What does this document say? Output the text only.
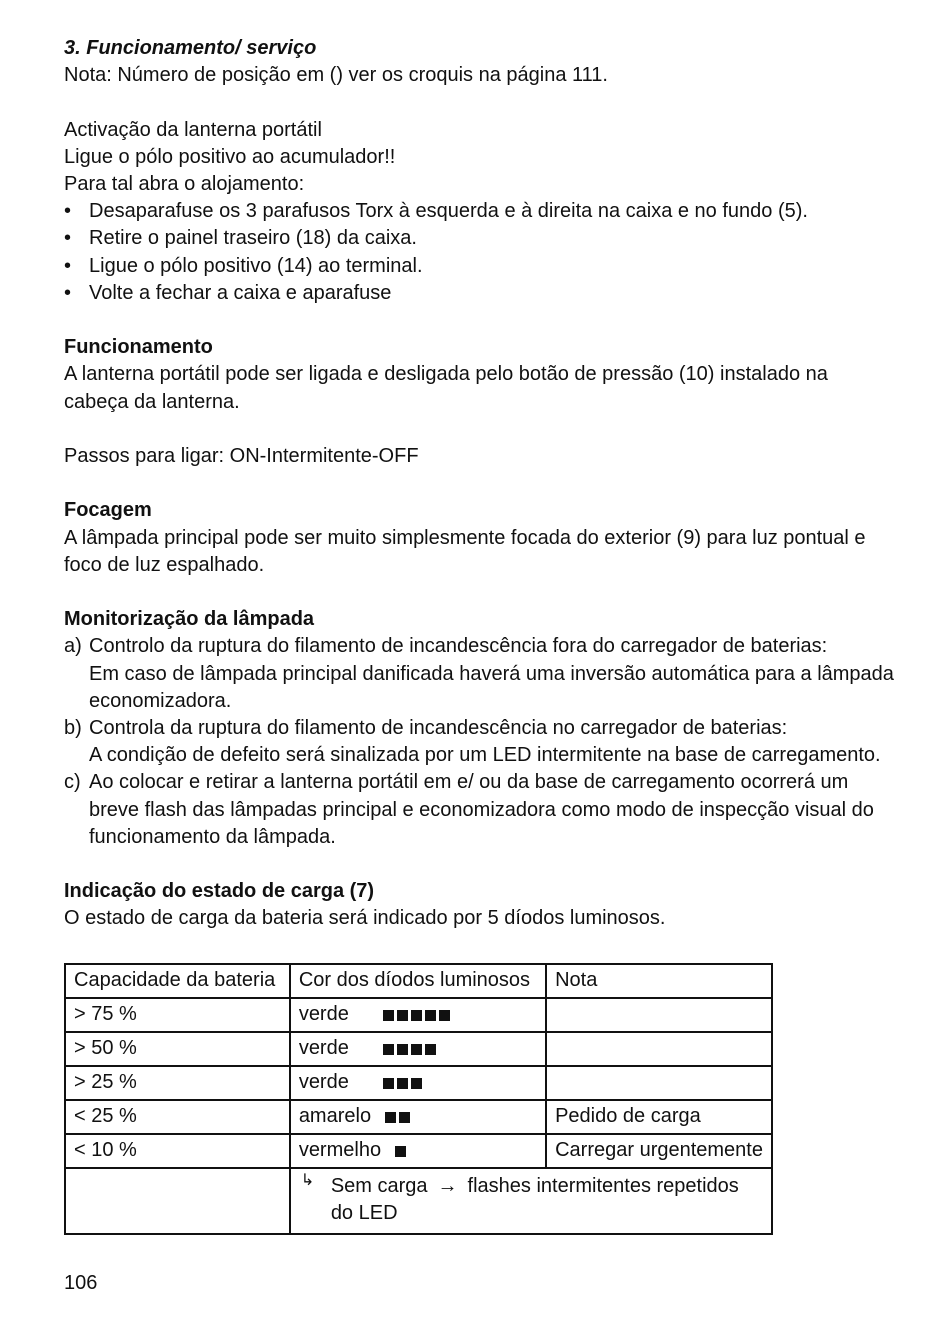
3. Funcionamento/ serviço

Nota: Número de posição em () ver os croquis na página 111.

Activação da lanterna portátil

Ligue o pólo positivo ao acumulador!!

Para tal abra o alojamento:

• Desaparafuse os 3 parafusos Torx à esquerda e à direita na caixa e no fundo (5).
• Retire o painel traseiro (18) da caixa.
• Ligue o pólo positivo (14) ao terminal.
• Volte a fechar a caixa e aparafuse

Funcionamento

A lanterna portátil pode ser ligada e desligada pelo botão de pressão (10) instalado na cabeça da lanterna.

Passos para ligar: ON-Intermitente-OFF

Focagem

A lâmpada principal pode ser muito simplesmente focada do exterior (9) para luz pontual e foco de luz espalhado.

Monitorização da lâmpada

a) Controlo da ruptura do filamento de incandescência fora do carregador de baterias:
Em caso de lâmpada principal danificada haverá uma inversão automática para a lâmpada economizadora.
b) Controla da ruptura do filamento de incandescência no carregador de baterias:
A condição de defeito será sinalizada por um LED intermitente na base de carregamento.
c) Ao colocar e retirar a lanterna portátil em e/ ou da base de carregamento ocorrerá um breve flash das lâmpadas principal e economizadora como modo de inspecção visual do funcionamento da lâmpada.

Indicação do estado de carga (7)

O estado de carga da bateria será indicado por 5 díodos luminosos.

Capacidade da bateria	Cor dos díodos luminosos	Nota
> 75 %	verde

> 50 %	verde

> 25 %	verde

< 25 %	amarelo	Pedido de carga
< 10 %	vermelho	Carregar urgentemente

	↳ Sem carga → flashes intermitentes repetidos
do LED	
106
